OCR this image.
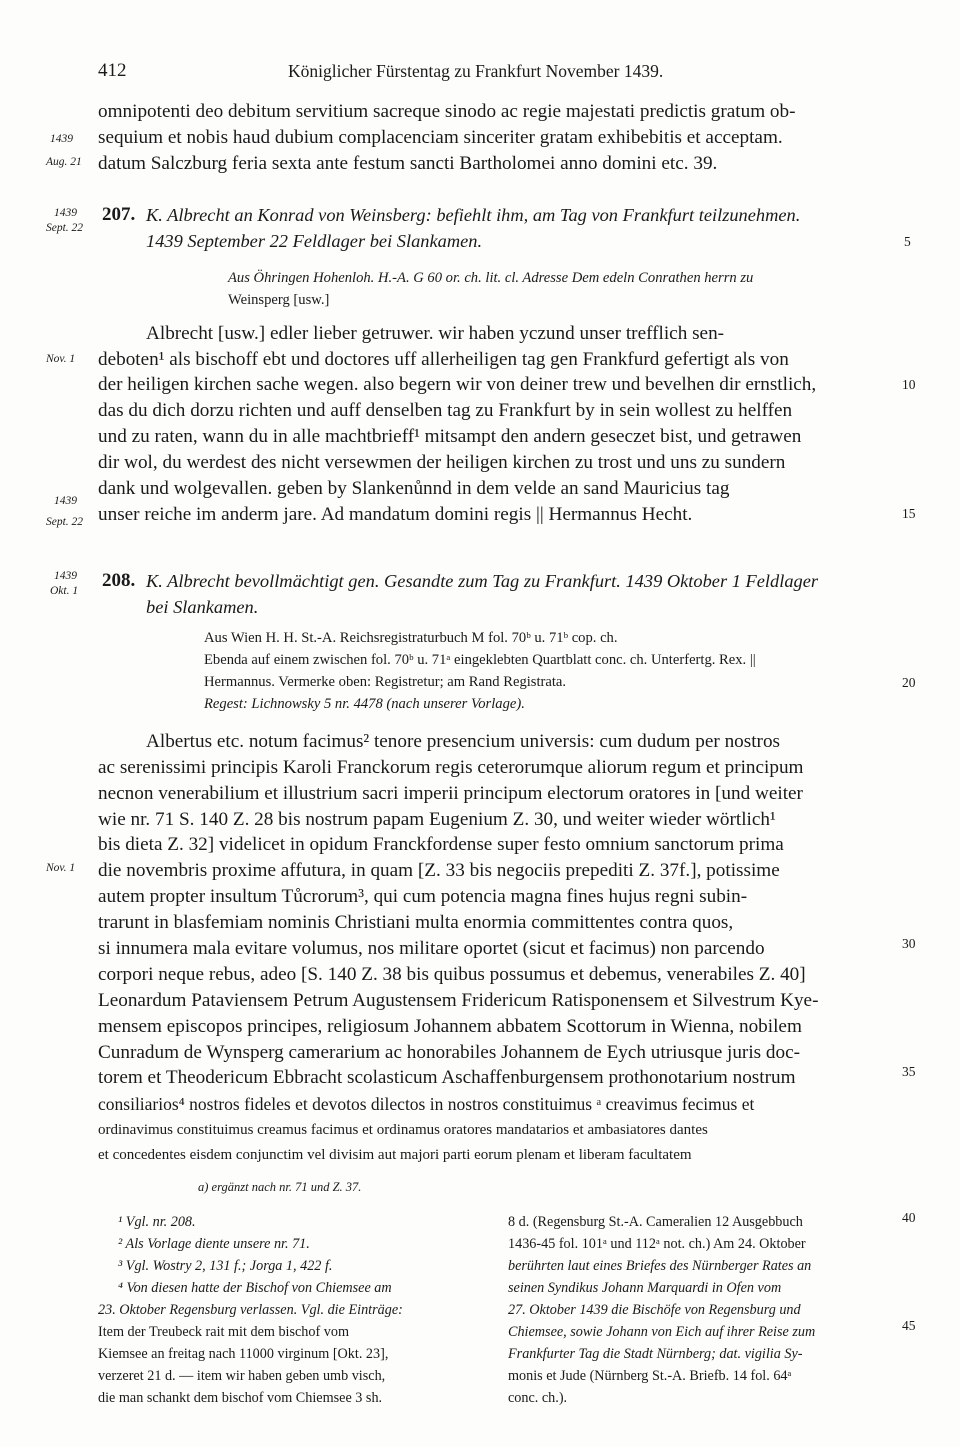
412	Königlicher Fürstentag zu Frankfurt November 1439.
omnipotenti deo debitum servitium sacreque sinodo ac regie majestati predictis gratum ob-
sequium et nobis haud dubium complacenciam sinceriter gratam exhibebitis et acceptam.
datum Salczburg feria sexta ante festum sancti Bartholomei anno domini etc. 39.
1439
Aug. 21
1439
Sept. 22
207. K. Albrecht an Konrad von Weinsberg: befiehlt ihm, am Tag von Frankfurt teilzunehmen.
1439 September 22 Feldlager bei Slankamen.	5
Aus Öhringen Hohenloh. H.-A. G 60 or. ch. lit. cl. Adresse Dem edeln Conrathen herrn zu
Weinsperg [usw.]
Albrecht [usw.] edler lieber getruwer. wir haben yczund unser trefflich sen-
deboten¹ als bischoff ebt und doctores uff allerheiligen tag gen Frankfurd gefertigt als von
der heiligen kirchen sache wegen. also begern wir von deiner trew und bevelhen dir ernstlich,
das du dich dorzu richten und auff denselben tag zu Frankfurt by in sein wollest zu helffen
und zu raten, wann du in alle machtbrieff¹ mitsampt den andern geseczet bist, und getrawen
dir wol, du werdest des nicht versewmen der heiligen kirchen zu trost und uns zu sundern
dank und wolgevallen. geben by Slankenůnnd in dem velde an sand Mauricius tag
unser reiche im anderm jare. Ad mandatum domini regis || Hermannus Hecht.
Nov. 1
10
1439
Sept. 22
15
1439
Okt. 1 208. K. Albrecht bevollmächtigt gen. Gesandte zum Tag zu Frankfurt. 1439 Oktober 1 Feldlager
bei Slankamen.
Aus Wien H. H. St.-A. Reichsregistraturbuch M fol. 70ᵇ u. 71ᵇ cop. ch.
Ebenda auf einem zwischen fol. 70ᵇ u. 71ᵃ eingeklebten Quartblatt conc. ch. Unterfertg. Rex. ||
Hermannus. Vermerke oben: Registretur; am Rand Registrata.
Regest: Lichnowsky 5 nr. 4478 (nach unserer Vorlage).
20
Albertus etc. notum facimus² tenore presencium universis: cum dudum per nostros
ac serenissimi principis Karoli Franckorum regis ceterorumque aliorum regum et principum
necnon venerabilium et illustrium sacri imperii principum electorum oratores in [und weiter
wie nr. 71 S. 140 Z. 28 bis nostrum papam Eugenium Z. 30, und weiter wieder wörtlich¹
bis dieta Z. 32] videlicet in opidum Franckfordense super festo omnium sanctorum prima
die novembris proxime affutura, in quam [Z. 33 bis negociis prepediti Z. 37f.], potissime
autem propter insultum Tůcrorum³, qui cum potencia magna fines hujus regni subin-
trarunt in blasfemiam nominis Christiani multa enormia committentes contra quos,
si innumera mala evitare volumus, nos militare oportet (sicut et facimus) non parcendo
corpori neque rebus, adeo [S. 140 Z. 38 bis quibus possumus et debemus, venerabiles Z. 40]
Leonardum Pataviensem Petrum Augustensem Fridericum Ratisponensem et Silvestrum Kye-
mensem episcopos principes, religiosum Johannem abbatem Scottorum in Wienna, nobilem
Cunradum de Wynsperg camerarium ac honorabiles Johannem de Eych utriusque juris doc-
torem et Theodericum Ebbracht scolasticum Aschaffenburgensem prothonotarium nostrum
consiliarios⁴ nostros fideles et devotos dilectos in nostros constituimus ᵃ creavimus fecimus et
ordinavimus constituimus creamus facimus et ordinamus oratores mandatarios et ambasiatores dantes
et concedentes eisdem conjunctim vel divisim aut majori parti eorum plenam et liberam facultatem
Nov. 1
30
35
a) ergänzt nach nr. 71 und Z. 37.
¹ Vgl. nr. 208.
² Als Vorlage diente unsere nr. 71.
³ Vgl. Wostry 2, 131 f.; Jorga 1, 422 f.
⁴ Von diesen hatte der Bischof von Chiemsee am
23. Oktober Regensburg verlassen. Vgl. die Einträge:
Item der Treubeck rait mit dem bischof vom
Kiemsee an freitag nach 11000 virginum [Okt. 23],
verzeret 21 d. — item wir haben geben umb visch,
die man schankt dem bischof vom Chiemsee 3 sh.
8 d. (Regensburg St.-A. Cameralien 12 Ausgebbuch
1436-45 fol. 101ᵃ und 112ᵃ not. ch.) Am 24. Oktober
berührten laut eines Briefes des Nürnberger Rates an
seinen Syndikus Johann Marquardi in Ofen vom
27. Oktober 1439 die Bischöfe von Regensburg und
Chiemsee, sowie Johann von Eich auf ihrer Reise zum
Frankfurter Tag die Stadt Nürnberg; dat. vigilia Sy-
monis et Jude (Nürnberg St.-A. Briefb. 14 fol. 64ᵃ
conc. ch.).
40
45
